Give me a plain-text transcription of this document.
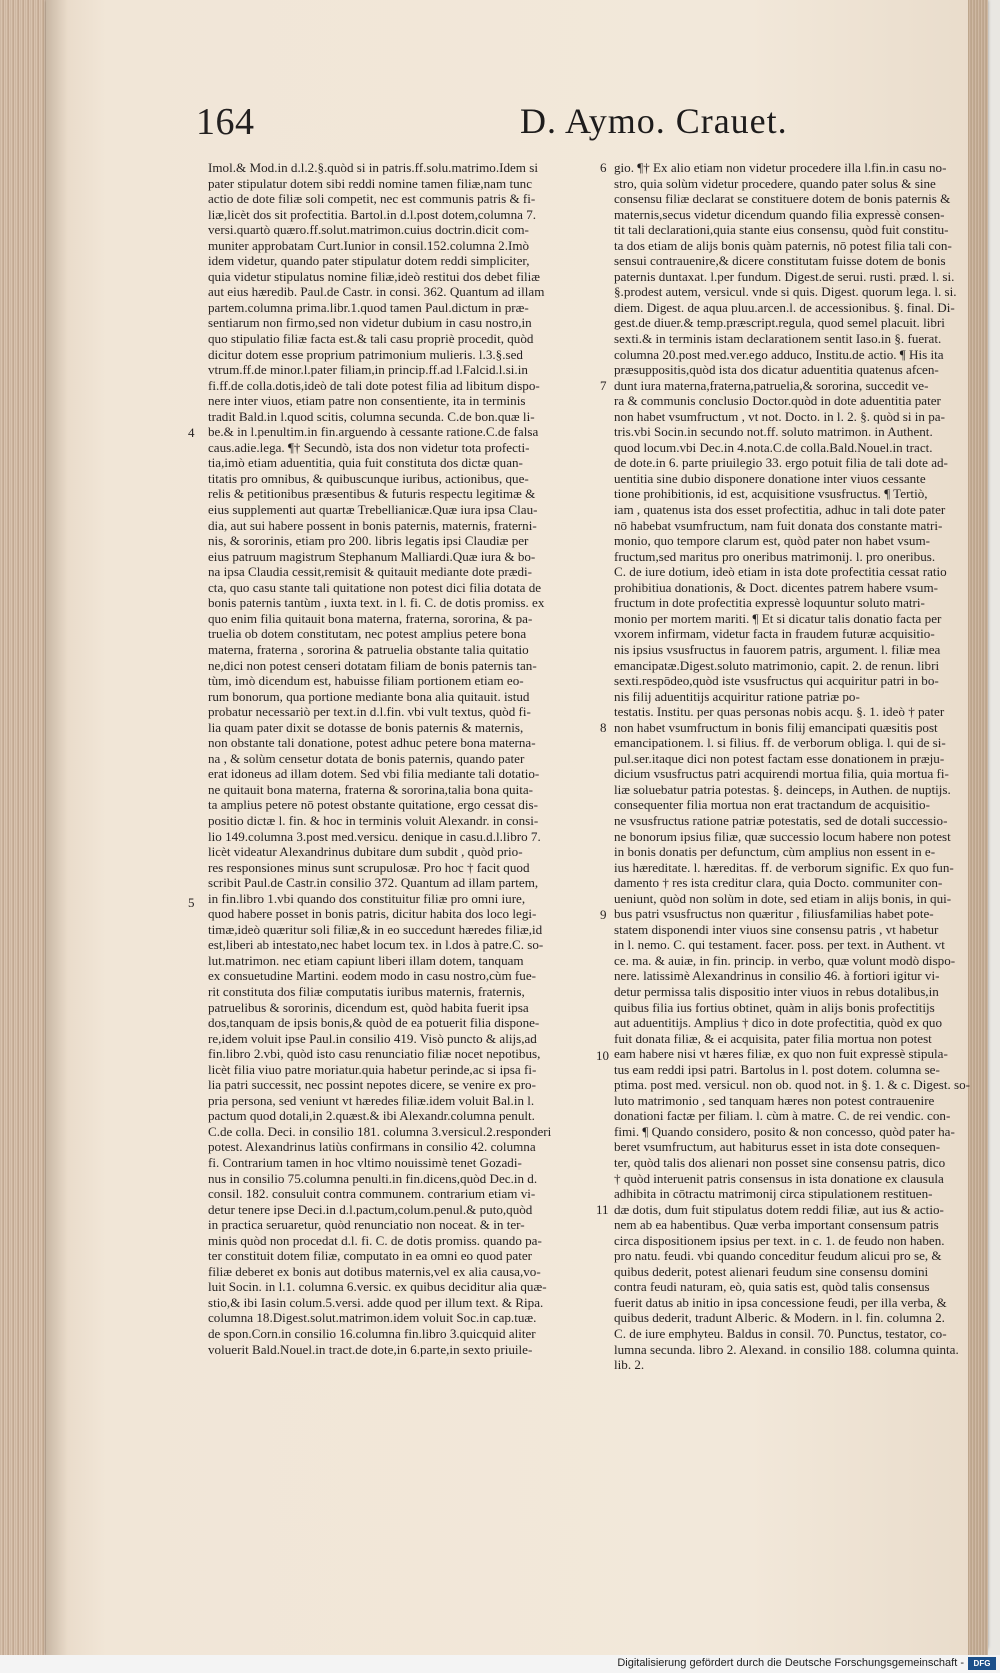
164	D. Aymo. Crauet.
Imol.& Mod.in d.l.2.§.quòd si in patris.ff.solu.matrimo.Idem si
pater stipulatur dotem sibi reddi nomine tamen filiæ,nam tunc
actio de dote filiæ soli competit, nec est communis patris & fi-
liæ,licèt dos sit profectitia. Bartol.in d.l.post dotem,columna 7.
versi.quartò quæro.ff.solut.matrimon.cuius doctrin.dicit com-
muniter approbatam Curt.Iunior in consil.152.columna 2.Imò
idem videtur, quando pater stipulatur dotem reddi simpliciter,
quia videtur stipulatus nomine filiæ,ideò restitui dos debet filiæ
aut eius hæredib. Paul.de Castr. in consi. 362. Quantum ad illam
partem.columna prima.libr.1.quod tamen Paul.dictum in præ-
sentiarum non firmo,sed non videtur dubium in casu nostro,in
quo stipulatio filiæ facta est.& tali casu propriè procedit, quòd
dicitur dotem esse proprium patrimonium mulieris. l.3.§.sed
vtrum.ff.de minor.l.pater filiam,in princip.ff.ad l.Falcid.l.si.in
fi.ff.de colla.dotis,ideò de tali dote potest filia ad libitum dispo-
nere inter viuos, etiam patre non consentiente, ita in terminis
tradit Bald.in l.quod scitis, columna secunda. C.de bon.quæ li-
be.& in l.penultim.in fin.arguendo à cessante ratione.C.de falsa
caus.adie.lega. ¶† Secundò, ista dos non videtur tota profecti-
tia,imò etiam aduentitia, quia fuit constituta dos dictæ quan-
titatis pro omnibus, & quibuscunque iuribus, actionibus, que-
relis & petitionibus præsentibus & futuris respectu legitimæ &
eius supplementi aut quartæ Trebellianicæ.Quæ iura ipsa Clau-
dia, aut sui habere possent in bonis paternis, maternis, fraterni-
nis, & sororinis, etiam pro 200. libris legatis ipsi Claudiæ per
eius patruum magistrum Stephanum Malliardi.Quæ iura & bo-
na ipsa Claudia cessit,remisit & quitauit mediante dote prædi-
cta, quo casu stante tali quitatione non potest dici filia dotata de
bonis paternis tantùm , iuxta text. in l. fi. C. de dotis promiss. ex
quo enim filia quitauit bona materna, fraterna, sororina, & pa-
truelia ob dotem constitutam, nec potest amplius petere bona
materna, fraterna , sororina & patruelia obstante talia quitatio
ne,dici non potest censeri dotatam filiam de bonis paternis tan-
tùm, imò dicendum est, habuisse filiam portionem etiam eo-
rum bonorum, qua portione mediante bona alia quitauit. istud
probatur necessariò per text.in d.l.fin. vbi vult textus, quòd fi-
lia quam pater dixit se dotasse de bonis paternis & maternis,
non obstante tali donatione, potest adhuc petere bona materna-
na , & solùm censetur dotata de bonis paternis, quando pater
erat idoneus ad illam dotem. Sed vbi filia mediante tali dotatio-
ne quitauit bona materna, fraterna & sororina,talia bona quita-
ta amplius petere nō potest obstante quitatione, ergo cessat dis-
positio dictæ l. fin. & hoc in terminis voluit Alexandr. in consi-
lio 149.columna 3.post med.versicu. denique in casu.d.l.libro 7.
licèt videatur Alexandrinus dubitare dum subdit , quòd prio-
res responsiones minus sunt scrupulosæ. Pro hoc † facit quod
scribit Paul.de Castr.in consilio 372. Quantum ad illam partem,
in fin.libro 1.vbi quando dos constituitur filiæ pro omni iure,
quod habere posset in bonis patris, dicitur habita dos loco legi-
timæ,ideò quæritur soli filiæ,& in eo succedunt hæredes filiæ,id
est,liberi ab intestato,nec habet locum tex. in l.dos à patre.C. so-
lut.matrimon. nec etiam capiunt liberi illam dotem, tanquam
ex consuetudine Martini. eodem modo in casu nostro,cùm fue-
rit constituta dos filiæ computatis iuribus maternis, fraternis,
patruelibus & sororinis, dicendum est, quòd habita fuerit ipsa
dos,tanquam de ipsis bonis,& quòd de ea potuerit filia dispone-
re,idem voluit ipse Paul.in consilio 419. Visò puncto & alijs,ad
fin.libro 2.vbi, quòd isto casu renunciatio filiæ nocet nepotibus,
licèt filia viuo patre moriatur.quia habetur perinde,ac si ipsa fi-
lia patri successit, nec possint nepotes dicere, se venire ex pro-
pria persona, sed veniunt vt hæredes filiæ.idem voluit Bal.in l.
pactum quod dotali,in 2.quæst.& ibi Alexandr.columna penult.
C.de colla. Deci. in consilio 181. columna 3.versicul.2.responderi
potest. Alexandrinus latiùs confirmans in consilio 42. columna
fi. Contrarium tamen in hoc vltimo nouissimè tenet Gozadi-
nus in consilio 75.columna penulti.in fin.dicens,quòd Dec.in d.
consil. 182. consuluit contra communem. contrarium etiam vi-
detur tenere ipse Deci.in d.l.pactum,colum.penul.& puto,quòd
in practica seruaretur, quòd renunciatio non noceat. & in ter-
minis quòd non procedat d.l. fi. C. de dotis promiss. quando pa-
ter constituit dotem filiæ, computato in ea omni eo quod pater
filiæ deberet ex bonis aut dotibus maternis,vel ex alia causa,vo-
luit Socin. in l.1. columna 6.versic. ex quibus deciditur alia quæ-
stio,& ibi Iasin colum.5.versi. adde quod per illum text. & Ripa.
columna 18.Digest.solut.matrimon.idem voluit Soc.in cap.tuæ.
de spon.Corn.in consilio 16.columna fin.libro 3.quicquid aliter
voluerit Bald.Nouel.in tract.de dote,in 6.parte,in sexto priuile-
gio. ¶† Ex alio etiam non videtur procedere illa l.fin.in casu no-
stro, quia solùm videtur procedere, quando pater solus & sine
consensu filiæ declarat se constituere dotem de bonis paternis &
maternis,secus videtur dicendum quando filia expressè consen-
tit tali declarationi,quia stante eius consensu, quòd fuit constitu-
ta dos etiam de alijs bonis quàm paternis, nō potest filia tali con-
sensui contrauenire,& dicere constitutam fuisse dotem de bonis
paternis duntaxat. l.per fundum. Digest.de serui. rusti. præd. l. si.
§.prodest autem, versicul. vnde si quis. Digest. quorum lega. l. si.
diem. Digest. de aqua pluu.arcen.l. de accessionibus. §. final. Di-
gest.de diuer.& temp.præscript.regula, quod semel placuit. libri
sexti.& in terminis istam declarationem sentit Iaso.in §. fuerat.
columna 20.post med.ver.ego adduco, Institu.de actio. ¶ His ita
præsuppositis,quòd ista dos dicatur aduentitia quatenus afcen-
dunt iura materna,fraterna,patruelia,& sororina, succedit ve-
ra & communis conclusio Doctor.quòd in dote aduentitia pater
non habet vsumfructum , vt not. Docto. in l. 2. §. quòd si in pa-
tris.vbi Socin.in secundo not.ff. soluto matrimon. in Authent.
quod locum.vbi Dec.in 4.nota.C.de colla.Bald.Nouel.in tract.
de dote.in 6. parte priuilegio 33. ergo potuit filia de tali dote ad-
uentitia sine dubio disponere donatione inter viuos cessante
tione prohibitionis, id est, acquisitione vsusfructus. ¶ Tertiò,
iam , quatenus ista dos esset profectitia, adhuc in tali dote pater
nō habebat vsumfructum, nam fuit donata dos constante matri-
monio, quo tempore clarum est, quòd pater non habet vsum-
fructum,sed maritus pro oneribus matrimonij. l. pro oneribus.
C. de iure dotium, ideò etiam in ista dote profectitia cessat ratio
prohibitiua donationis, & Doct. dicentes patrem habere vsum-
fructum in dote profectitia expressè loquuntur soluto matri-
monio per mortem mariti. ¶ Et si dicatur talis donatio facta per
vxorem infirmam, videtur facta in fraudem futuræ acquisitio-
nis ipsius vsusfructus in fauorem patris, argument. l. filiæ mea
emancipatæ.Digest.soluto matrimonio, capit. 2. de renun. libri
sexti.respōdeo,quòd iste vsusfructus qui acquiritur patri in bo-
nis filij aduentitijs acquiritur ratione patriæ po-
testatis. Institu. per quas personas nobis acqu. §. 1. ideò † pater
non habet vsumfructum in bonis filij emancipati quæsitis post
emancipationem. l. si filius. ff. de verborum obliga. l. qui de si-
pul.ser.itaque dici non potest factam esse donationem in præju-
dicium vsusfructus patri acquirendi mortua filia, quia mortua fi-
liæ soluebatur patria potestas. §. deinceps, in Authen. de nuptijs.
consequenter filia mortua non erat tractandum de acquisitio-
ne vsusfructus ratione patriæ potestatis, sed de dotali successio-
ne bonorum ipsius filiæ, quæ successio locum habere non potest
in bonis donatis per defunctum, cùm amplius non essent in e-
ius hæreditate. l. hæreditas. ff. de verborum signific. Ex quo fun-
damento † res ista creditur clara, quia Docto. communiter con-
ueniunt, quòd non solùm in dote, sed etiam in alijs bonis, in qui-
bus patri vsusfructus non quæritur , filiusfamilias habet pote-
statem disponendi inter viuos sine consensu patris , vt habetur
in l. nemo. C. qui testament. facer. poss. per text. in Authent. vt
ce. ma. & auiæ, in fin. princip. in verbo, quæ volunt modò dispo-
nere. latissimè Alexandrinus in consilio 46. à fortiori igitur vi-
detur permissa talis dispositio inter viuos in rebus dotalibus,in
quibus filia ius fortius obtinet, quàm in alijs bonis profectitijs
aut aduentitijs. Amplius † dico in dote profectitia, quòd ex quo
fuit donata filiæ, & ei acquisita, pater filia mortua non potest
eam habere nisi vt hæres filiæ, ex quo non fuit expressè stipula-
tus eam reddi ipsi patri. Bartolus in l. post dotem. columna se-
ptima. post med. versicul. non ob. quod not. in §. 1. & c. Digest. so-
luto matrimonio , sed tanquam hæres non potest contrauenire
donationi factæ per filiam. l. cùm à matre. C. de rei vendic. con-
fimi. ¶ Quando considero, posito & non concesso, quòd pater ha-
beret vsumfructum, aut habiturus esset in ista dote consequen-
ter, quòd talis dos alienari non posset sine consensu patris, dico
† quòd interuenit patris consensus in ista donatione ex clausula
adhibita in cōtractu matrimonij circa stipulationem restituen-
dæ dotis, dum fuit stipulatus dotem reddi filiæ, aut ius & actio-
nem ab ea habentibus. Quæ verba important consensum patris
circa dispositionem ipsius per text. in c. 1. de feudo non haben.
pro natu. feudi. vbi quando conceditur feudum alicui pro se, &
quibus dederit, potest alienari feudum sine consensu domini
contra feudi naturam, eò, quia satis est, quòd talis consensus
fuerit datus ab initio in ipsa concessione feudi, per illa verba, &
quibus dederit, tradunt Alberic. & Modern. in l. fin. columna 2.
C. de iure emphyteu. Baldus in consil. 70. Punctus, testator, co-
lumna secunda. libro 2. Alexand. in consilio 188. columna quinta.
lib. 2.
4
5
6
7
8
9
10
11
Digitalisierung gefördert durch die Deutsche Forschungsgemeinschaft -	DFG
